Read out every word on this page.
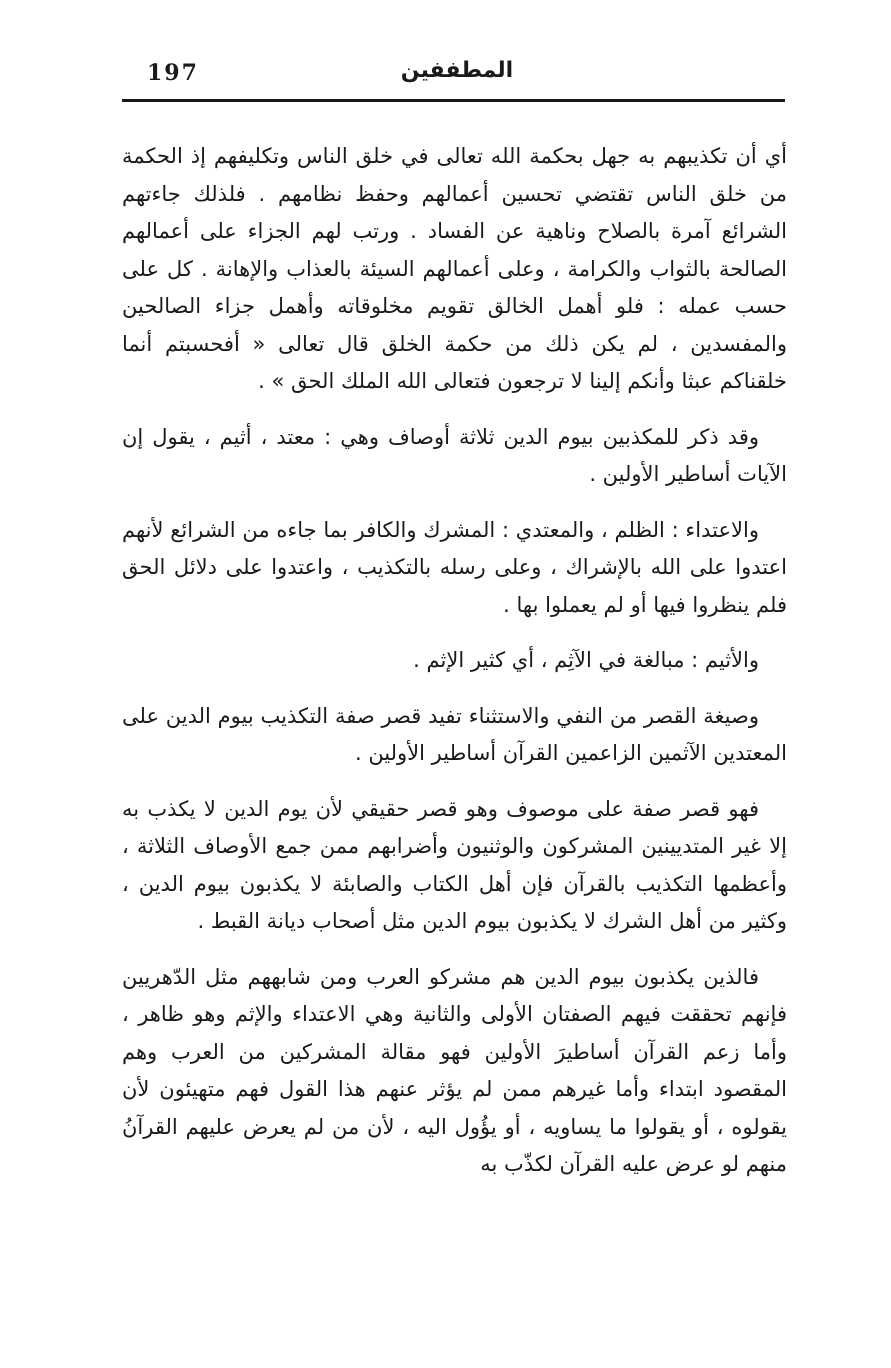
197	المطففين

أي أن تكذيبهم به جهل بحكمة الله تعالى في خلق الناس وتكليفهم إذ الحكمة من خلق الناس تقتضي تحسين أعمالهم وحفظ نظامهم . فلذلك جاءتهم الشرائع آمرة بالصلاح وناهية عن الفساد . ورتب لهم الجزاء على أعمالهم الصالحة بالثواب والكرامة ، وعلى أعمالهم السيئة بالعذاب والإهانة . كل على حسب عمله : فلو أهمل الخالق تقويم مخلوقاته وأهمل جزاء الصالحين والمفسدين ، لم يكن ذلك من حكمة الخلق قال تعالى « أفحسبتم أنما خلقناكم عبثا وأنكم إلينا لا ترجعون فتعالى الله الملك الحق » .

وقد ذكر للمكذبين بيوم الدين ثلاثة أوصاف وهي : معتد ، أثيم ، يقول إن الآيات أساطير الأولين .

والاعتداء : الظلم ، والمعتدي : المشرك والكافر بما جاءه من الشرائع لأنهم اعتدوا على الله بالإشراك ، وعلى رسله بالتكذيب ، واعتدوا على دلائل الحق فلم ينظروا فيها أو لم يعملوا بها .

والأثيم : مبالغة في الآثِم ، أي كثير الإثم .

وصيغة القصر من النفي والاستثناء تفيد قصر صفة التكذيب بيوم الدين على المعتدين الآثمين الزاعمين القرآن أساطير الأولين .

فهو قصر صفة على موصوف وهو قصر حقيقي لأن يوم الدين لا يكذب به إلا غير المتديينين المشركون والوثنيون وأضرابهم ممن جمع الأوصاف الثلاثة ، وأعظمها التكذيب بالقرآن فإن أهل الكتاب والصابئة لا يكذبون بيوم الدين ، وكثير من أهل الشرك لا يكذبون بيوم الدين مثل أصحاب ديانة القبط .

فالذين يكذبون بيوم الدين هم مشركو العرب ومن شابههم مثل الدّهريين فإنهم تحققت فيهم الصفتان الأولى والثانية وهي الاعتداء والإثم وهو ظاهر ، وأما زعم القرآن أساطيرَ الأولين فهو مقالة المشركين من العرب وهم المقصود ابتداء وأما غيرهم ممن لم يؤثر عنهم هذا القول فهم متهيئون لأن يقولوه ، أو يقولوا ما يساويه ، أو يؤُول اليه ، لأن من لم يعرض عليهم القرآنُ منهم لو عرض عليه القرآن لكذّب به
